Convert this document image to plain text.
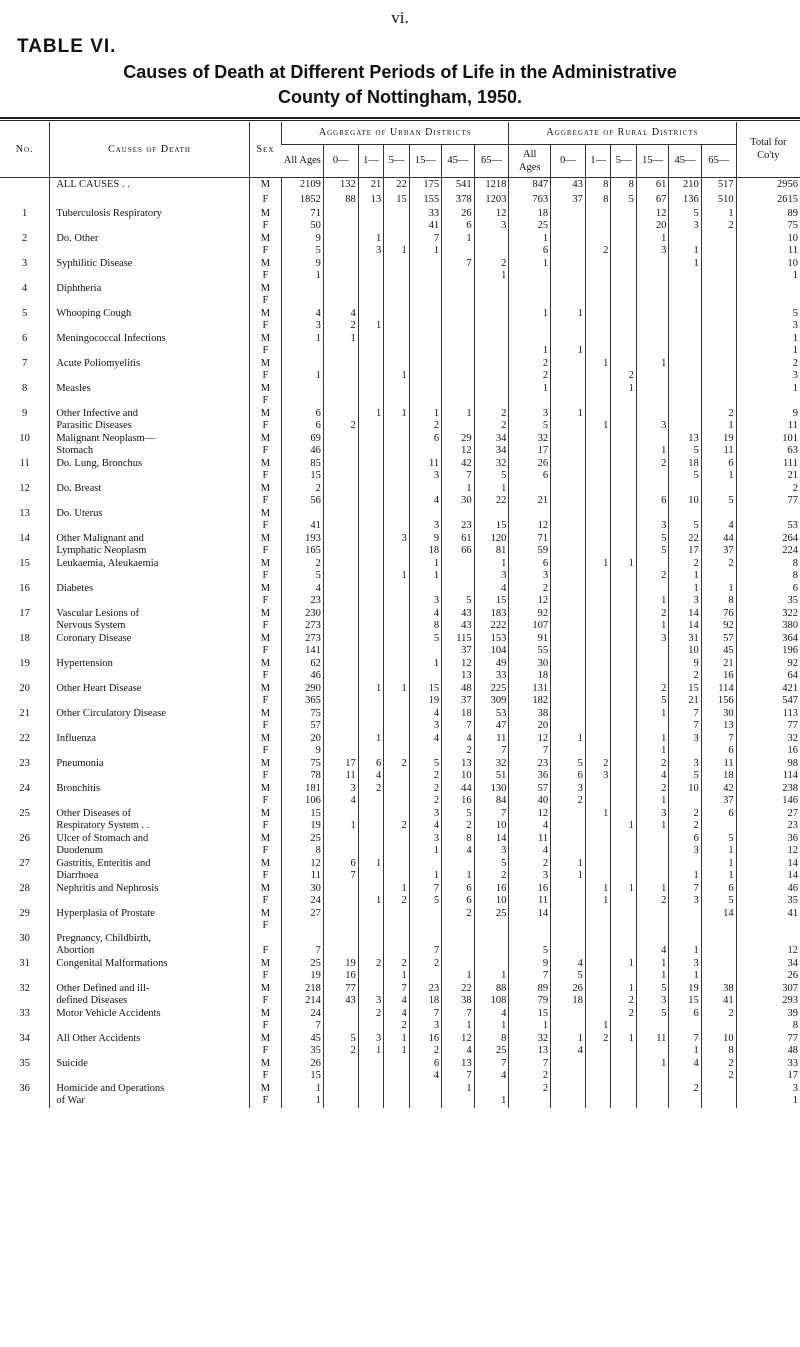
vi.
TABLE VI.
Causes of Death at Different Periods of Life in the Administrative
County of Nottingham, 1950.
No.	Causes of Death	Sex	Aggregate of Urban Districts							Aggregate of Rural Districts							Total for Co'ty
			All Ages	0—	1—	5—	15—	45—	65—	All Ages	0—	1—	5—	15—	45—	65—	
	ALL CAUSES . .	M	2109	132	21	22	175	541	1218	847	43	8	8	61	210	517	2956
		F	1852	88	13	15	155	378	1203	763	37	8	5	67	136	510	2615
1	Tuberculosis Respiratory	M	71				33	26	12	18				12	5	1	89
		F	50				41	6	3	25				20	3	2	75
2	Do. Other	M	9		1		7	1		1				1			10
		F	5		3	1	1			6		2		3	1		11
3	Syphilitic Disease	M	9					7	2	1					1		10
		F	1						1								1
4	Diphtheria	M															
		F															
5	Whooping Cough	M	4	4						1	1						5
		F	3	2	1												3
6	Meningococcal Infections	M	1	1													1
		F								1	1						1
7	Acute Poliomyelitis	M								2		1		1			2
		F	1			1				2			2				3
8	Measles	M								1			1				1
		F															
9	Other Infective and	M	6		1	1	1	1	2	3	1					2	9
	Parasitic Diseases	F	6	2			2		2	5		1		3		1	11
10	Malignant Neoplasm—	M	69				6	29	34	32					13	19	101
	Stomach	F	46					12	34	17				1	5	11	63
11	Do. Lung, Bronchus	M	85				11	42	32	26				2	18	6	111
		F	15				3	7	5	6					5	1	21
12	Do. Breast	M	2					1	1								2
		F	56				4	30	22	21				6	10	5	77
13	Do. Uterus	M															
		F	41				3	23	15	12				3	5	4	53
14	Other Malignant and	M	193			3	9	61	120	71				5	22	44	264
	Lymphatic Neoplasm	F	165				18	66	81	59				5	17	37	224
15	Leukaemia, Aleukaemia	M	2				1		1	6		1	1		2	2	8
		F	5			1	1		3	3				2	1		8
16	Diabetes	M	4						4	2					1	1	6
		F	23				3	5	15	12				1	3	8	35
17	Vascular Lesions of	M	230				4	43	183	92				2	14	76	322
	Nervous System	F	273				8	43	222	107				1	14	92	380
18	Coronary Disease	M	273				5	115	153	91				3	31	57	364
		F	141					37	104	55					10	45	196
19	Hypertension	M	62				1	12	49	30					9	21	92
		F	46					13	33	18					2	16	64
20	Other Heart Disease	M	290		1	1	15	48	225	131				2	15	114	421
		F	365				19	37	309	182				5	21	156	547
21	Other Circulatory Disease	M	75				4	18	53	38				1	7	30	113
		F	57				3	7	47	20					7	13	77
22	Influenza	M	20		1		4	4	11	12	1			1	3	7	32
		F	9					2	7	7				1		6	16
23	Pneumonia	M	75	17	6	2	5	13	32	23	5	2		2	3	11	98
		F	78	11	4		2	10	51	36	6	3		4	5	18	114
24	Bronchitis	M	181	3	2		2	44	130	57	3			2	10	42	238
		F	106	4			2	16	84	40	2			1		37	146
25	Other Diseases of	M	15				3	5	7	12		1		3	2	6	27
	Respiratory System . .	F	19	1		2	4	2	10	4			1	1	2		23
26	Ulcer of Stomach and	M	25				3	8	14	11					6	5	36
	Duodenum	F	8				1	4	3	4					3	1	12
27	Gastritis, Enteritis and	M	12	6	1				5	2	1					1	14
	Diarrhoea	F	11	7			1	1	2	3	1				1	1	14
28	Nephritis and Nephrosis	M	30			1	7	6	16	16		1	1	1	7	6	46
		F	24		1	2	5	6	10	11		1		2	3	5	35
29	Hyperplasia of Prostate	M	27					2	25	14						14	41
		F															
30	Pregnancy, Childbirth,																
	Abortion	F	7				7			5				4	1		12
31	Congenital Malformations	M	25	19	2	2	2			9	4		1	1	3		34
		F	19	16		1		1	1	7	5			1	1		26
32	Other Defined and ill-	M	218	77		7	23	22	88	89	26		1	5	19	38	307
	defined Diseases	F	214	43	3	4	18	38	108	79	18		2	3	15	41	293
33	Motor Vehicle Accidents	M	24		2	4	7	7	4	15			2	5	6	2	39
		F	7			2	3	1	1	1		1					8
34	All Other Accidents	M	45	5	3	1	16	12	8	32	1	2	1	11	7	10	77
		F	35	2	1	1	2	4	25	13	4				1	8	48
35	Suicide	M	26				6	13	7	7				1	4	2	33
		F	15				4	7	4	2						2	17
36	Homicide and Operations	M	1					1		2					2		3
	of War	F	1						1								1
